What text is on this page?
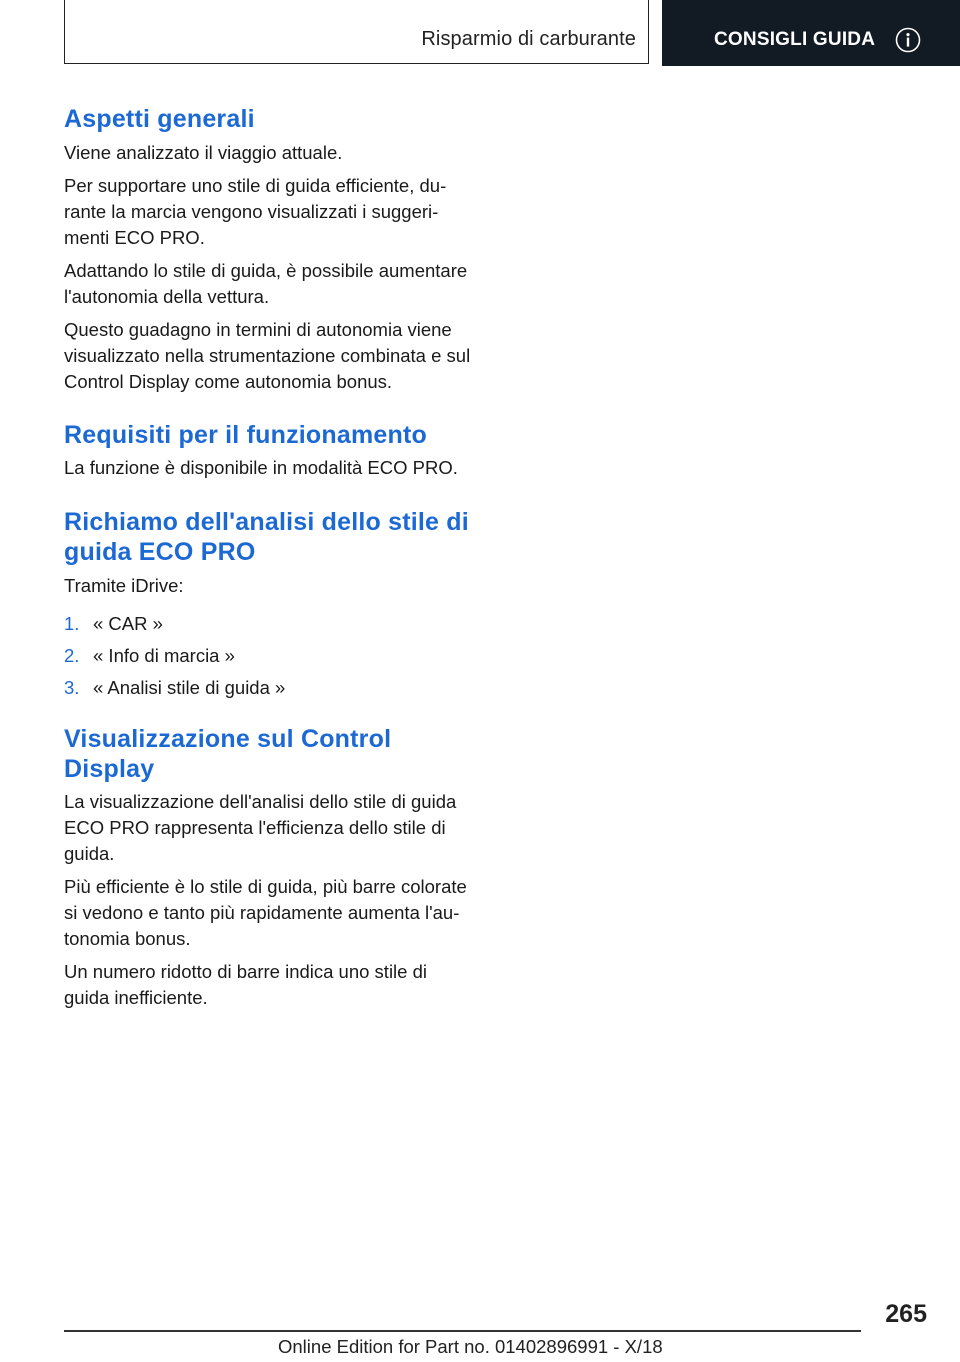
Risparmio di carburante	CONSIGLI GUIDA
Aspetti generali

Viene analizzato il viaggio attuale.

Per supportare uno stile di guida efficiente, du-
rante la marcia vengono visualizzati i suggeri-
menti ECO PRO.

Adattando lo stile di guida, è possibile aumentare
l'autonomia della vettura.

Questo guadagno in termini di autonomia viene
visualizzato nella strumentazione combinata e sul
Control Display come autonomia bonus.

Requisiti per il funzionamento

La funzione è disponibile in modalità ECO PRO.

Richiamo dell'analisi dello stile di
guida ECO PRO

Tramite iDrive:

1. « CAR »
2. « Info di marcia »
3. « Analisi stile di guida »
Visualizzazione sul Control
Display

La visualizzazione dell'analisi dello stile di guida
ECO PRO rappresenta l'efficienza dello stile di
guida.

Più efficiente è lo stile di guida, più barre colorate
si vedono e tanto più rapidamente aumenta l'au-
tonomia bonus.

Un numero ridotto di barre indica uno stile di
guida inefficiente.

265
Online Edition for Part no. 01402896991 - X/18
